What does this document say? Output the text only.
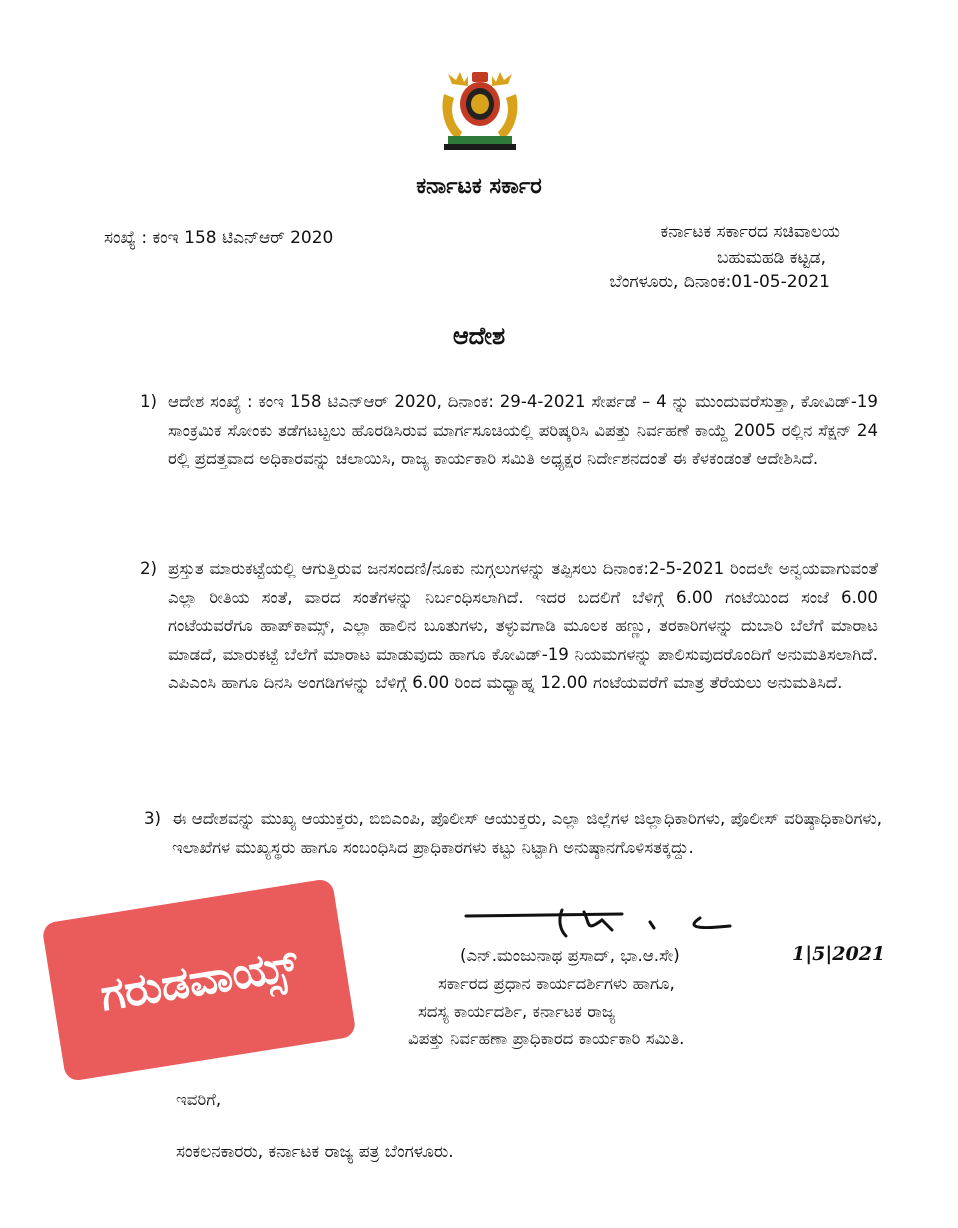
ಕರ್ನಾಟಕ ಸರ್ಕಾರ
ಸಂಖ್ಯೆ : ಕಂಇ 158 ಟಿಎನ್ಆರ್ 2020	ಕರ್ನಾಟಕ ಸರ್ಕಾರದ ಸಚಿವಾಲಯ
ಬಹುಮಹಡಿ ಕಟ್ಟಡ,
ಬೆಂಗಳೂರು, ದಿನಾಂಕ:01-05-2021
ಆದೇಶ
1) ಆದೇಶ ಸಂಖ್ಯೆ : ಕಂಇ 158 ಟಿಎನ್ಆರ್ 2020, ದಿನಾಂಕ: 29-4-2021 ಸೇರ್ಪಡೆ – 4 ನ್ನು ಮುಂದುವರೆಸುತ್ತಾ, ಕೋವಿಡ್-19 ಸಾಂಕ್ರಮಿಕ ಸೋಂಕು ತಡೆಗಟಟ್ಟಲು ಹೊರಡಿಸಿರುವ ಮಾರ್ಗಸೂಚಿಯಲ್ಲಿ ಪರಿಷ್ಕರಿಸಿ ವಿಪತ್ತು ನಿರ್ವಹಣೆ ಕಾಯ್ದೆ 2005 ರಲ್ಲಿನ ಸೆಕ್ಷನ್ 24 ರಲ್ಲಿ ಪ್ರದತ್ತವಾದ ಅಧಿಕಾರವನ್ನು ಚಲಾಯಿಸಿ, ರಾಜ್ಯ ಕಾರ್ಯಕಾರಿ ಸಮಿತಿ ಅಧ್ಯಕ್ಷರ ನಿರ್ದೇಶನದಂತೆ ಈ ಕೆಳಕಂಡಂತೆ ಆದೇಶಿಸಿದೆ.
2) ಪ್ರಸ್ತುತ ಮಾರುಕಟ್ಟೆಯಲ್ಲಿ ಆಗುತ್ತಿರುವ ಜನಸಂದಣಿ/ನೂಕು ನುಗ್ಗಲುಗಳನ್ನು ತಪ್ಪಿಸಲು ದಿನಾಂಕ:2-5-2021 ರಿಂದಲೇ ಅನ್ವಯವಾಗುವಂತೆ ಎಲ್ಲಾ ರೀತಿಯ ಸಂತೆ, ವಾರದ ಸಂತೆಗಳನ್ನು ನಿರ್ಬಂಧಿಸಲಾಗಿದೆ. ಇದರ ಬದಲಿಗೆ ಬೆಳಿಗ್ಗೆ 6.00 ಗಂಟೆಯಿಂದ ಸಂಜೆ 6.00 ಗಂಟೆಯವರೆಗೂ ಹಾಪ್‌ಕಾಮ್ಸ್, ಎಲ್ಲಾ ಹಾಲಿನ ಬೂತುಗಳು, ತಳ್ಳುವಗಾಡಿ ಮೂಲಕ ಹಣ್ಣು, ತರಕಾರಿಗಳನ್ನು ದುಬಾರಿ ಬೆಲೆಗೆ ಮಾರಾಟ ಮಾಡದೆ, ಮಾರುಕಟ್ಟೆ ಬೆಲೆಗೆ ಮಾರಾಟ ಮಾಡುವುದು ಹಾಗೂ ಕೋವಿಡ್-19 ನಿಯಮಗಳನ್ನು ಪಾಲಿಸುವುದರೊಂದಿಗೆ ಅನುಮತಿಸಲಾಗಿದೆ. ಎಪಿಎಂಸಿ ಹಾಗೂ ದಿನಸಿ ಅಂಗಡಿಗಳನ್ನು ಬೆಳಿಗ್ಗೆ 6.00 ರಿಂದ ಮಧ್ಯಾಹ್ನ 12.00 ಗಂಟೆಯವರೆಗೆ ಮಾತ್ರ ತೆರೆಯಲು ಅನುಮತಿಸಿದೆ.
3) ಈ ಆದೇಶವನ್ನು ಮುಖ್ಯ ಆಯುಕ್ತರು, ಬಿಬಿಎಂಪಿ, ಪೊಲೀಸ್ ಆಯುಕ್ತರು, ಎಲ್ಲಾ ಜಿಲ್ಲೆಗಳ ಜಿಲ್ಲಾಧಿಕಾರಿಗಳು, ಪೊಲೀಸ್ ವರಿಷ್ಠಾಧಿಕಾರಿಗಳು, ಇಲಾಖೆಗಳ ಮುಖ್ಯಸ್ಥರು ಹಾಗೂ ಸಂಬಂಧಿಸಿದ ಪ್ರಾಧಿಕಾರಗಳು ಕಟ್ಟು ನಿಟ್ಟಾಗಿ ಅನುಷ್ಠಾನಗೊಳಿಸತಕ್ಕದ್ದು.
1|5|2021
(ಎನ್.ಮಂಜುನಾಥ ಪ್ರಸಾದ್, ಭಾ.ಆ.ಸೇ)
ಸರ್ಕಾರದ ಪ್ರಧಾನ ಕಾರ್ಯದರ್ಶಿಗಳು ಹಾಗೂ,
ಸದಸ್ಯ ಕಾರ್ಯದರ್ಶಿ, ಕರ್ನಾಟಕ ರಾಜ್ಯ
ವಿಪತ್ತು ನಿರ್ವಹಣಾ ಪ್ರಾಧಿಕಾರದ ಕಾರ್ಯಕಾರಿ ಸಮಿತಿ.
ಇವರಿಗೆ,
ಸಂಕಲನಕಾರರು, ಕರ್ನಾಟಕ ರಾಜ್ಯ ಪತ್ರ ಬೆಂಗಳೂರು.
ಗರುಡವಾಯ್ಸ್
